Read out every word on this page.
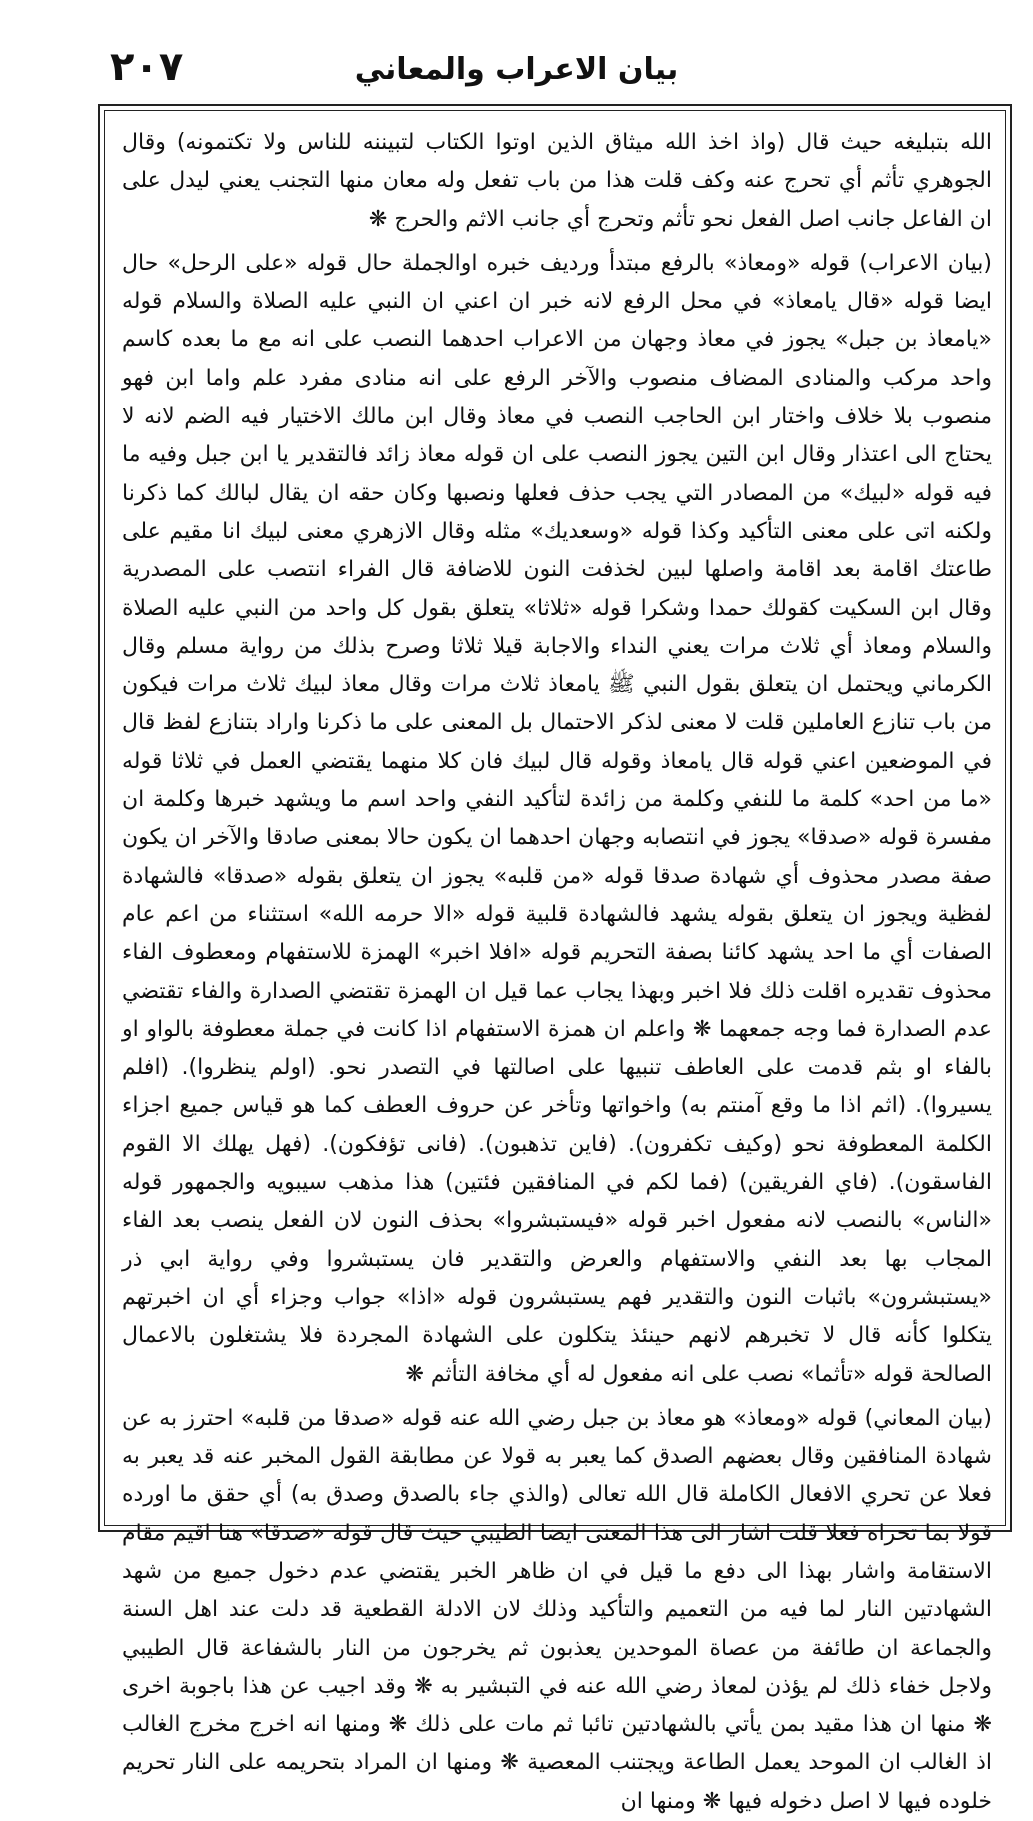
٢٠٧	بيان الاعراب والمعاني

الله بتبليغه حيث قال (واذ اخذ الله ميثاق الذين اوتوا الكتاب لتبيننه للناس ولا تكتمونه) وقال الجوهري تأثم أي تحرج عنه وكف قلت هذا من باب تفعل وله معان منها التجنب يعني ليدل على ان الفاعل جانب اصل الفعل نحو تأثم وتحرج أي جانب الاثم والحرج ❋

(بيان الاعراب) قوله «ومعاذ» بالرفع مبتدأ ورديف خبره اوالجملة حال قوله «على الرحل» حال ايضا قوله «قال يامعاذ» في محل الرفع لانه خبر ان اعني ان النبي عليه الصلاة والسلام قوله «يامعاذ بن جبل» يجوز في معاذ وجهان من الاعراب احدهما النصب على انه مع ما بعده كاسم واحد مركب والمنادى المضاف منصوب والآخر الرفع على انه منادى مفرد علم واما ابن فهو منصوب بلا خلاف واختار ابن الحاجب النصب في معاذ وقال ابن مالك الاختيار فيه الضم لانه لا يحتاج الى اعتذار وقال ابن التين يجوز النصب على ان قوله معاذ زائد فالتقدير يا ابن جبل وفيه ما فيه قوله «لبيك» من المصادر التي يجب حذف فعلها ونصبها وكان حقه ان يقال لبالك كما ذكرنا ولكنه اتى على معنى التأكيد وكذا قوله «وسعديك» مثله وقال الازهري معنى لبيك انا مقيم على طاعتك اقامة بعد اقامة واصلها لبين لخذفت النون للاضافة قال الفراء انتصب على المصدرية وقال ابن السكيت كقولك حمدا وشكرا قوله «ثلاثا» يتعلق بقول كل واحد من النبي عليه الصلاة والسلام ومعاذ أي ثلاث مرات يعني النداء والاجابة قيلا ثلاثا وصرح بذلك من رواية مسلم وقال الكرماني ويحتمل ان يتعلق بقول النبي ﷺ يامعاذ ثلاث مرات وقال معاذ لبيك ثلاث مرات فيكون من باب تنازع العاملين قلت لا معنى لذكر الاحتمال بل المعنى على ما ذكرنا واراد بتنازع لفظ قال في الموضعين اعني قوله قال يامعاذ وقوله قال لبيك فان كلا منهما يقتضي العمل في ثلاثا قوله «ما من احد» كلمة ما للنفي وكلمة من زائدة لتأكيد النفي واحد اسم ما ويشهد خبرها وكلمة ان مفسرة قوله «صدقا» يجوز في انتصابه وجهان احدهما ان يكون حالا بمعنى صادقا والآخر ان يكون صفة مصدر محذوف أي شهادة صدقا قوله «من قلبه» يجوز ان يتعلق بقوله «صدقا» فالشهادة لفظية ويجوز ان يتعلق بقوله يشهد فالشهادة قلبية قوله «الا حرمه الله» استثناء من اعم عام الصفات أي ما احد يشهد كائنا بصفة التحريم قوله «افلا اخبر» الهمزة للاستفهام ومعطوف الفاء محذوف تقديره اقلت ذلك فلا اخبر وبهذا يجاب عما قيل ان الهمزة تقتضي الصدارة والفاء تقتضي عدم الصدارة فما وجه جمعهما ❋ واعلم ان همزة الاستفهام اذا كانت في جملة معطوفة بالواو او بالفاء او بثم قدمت على العاطف تنبيها على اصالتها في التصدر نحو. (اولم ينظروا). (افلم يسيروا). (اثم اذا ما وقع آمنتم به) واخواتها وتأخر عن حروف العطف كما هو قياس جميع اجزاء الكلمة المعطوفة نحو (وكيف تكفرون). (فاين تذهبون). (فانى تؤفكون). (فهل يهلك الا القوم الفاسقون). (فاي الفريقين) (فما لكم في المنافقين فئتين) هذا مذهب سيبويه والجمهور قوله «الناس» بالنصب لانه مفعول اخبر قوله «فيستبشروا» بحذف النون لان الفعل ينصب بعد الفاء المجاب بها بعد النفي والاستفهام والعرض والتقدير فان يستبشروا وفي رواية ابي ذر «يستبشرون» باثبات النون والتقدير فهم يستبشرون قوله «اذا» جواب وجزاء أي ان اخبرتهم يتكلوا كأنه قال لا تخبرهم لانهم حينئذ يتكلون على الشهادة المجردة فلا يشتغلون بالاعمال الصالحة قوله «تأثما» نصب على انه مفعول له أي مخافة التأثم ❋

(بيان المعاني) قوله «ومعاذ» هو معاذ بن جبل رضي الله عنه قوله «صدقا من قلبه» احترز به عن شهادة المنافقين وقال بعضهم الصدق كما يعبر به قولا عن مطابقة القول المخبر عنه قد يعبر به فعلا عن تحري الافعال الكاملة قال الله تعالى (والذي جاء بالصدق وصدق به) أي حقق ما اورده قولا بما تحراه فعلا قلت اشار الى هذا المعنى ايضا الطيبي حيث قال قوله «صدقا» هنا اقيم مقام الاستقامة واشار بهذا الى دفع ما قيل في ان ظاهر الخبر يقتضي عدم دخول جميع من شهد الشهادتين النار لما فيه من التعميم والتأكيد وذلك لان الادلة القطعية قد دلت عند اهل السنة والجماعة ان طائفة من عصاة الموحدين يعذبون ثم يخرجون من النار بالشفاعة قال الطيبي ولاجل خفاء ذلك لم يؤذن لمعاذ رضي الله عنه في التبشير به ❋ وقد اجيب عن هذا باجوبة اخرى ❋ منها ان هذا مقيد بمن يأتي بالشهادتين تائبا ثم مات على ذلك ❋ ومنها انه اخرج مخرج الغالب اذ الغالب ان الموحد يعمل الطاعة ويجتنب المعصية ❋ ومنها ان المراد بتحريمه على النار تحريم خلوده فيها لا اصل دخوله فيها ❋ ومنها ان
